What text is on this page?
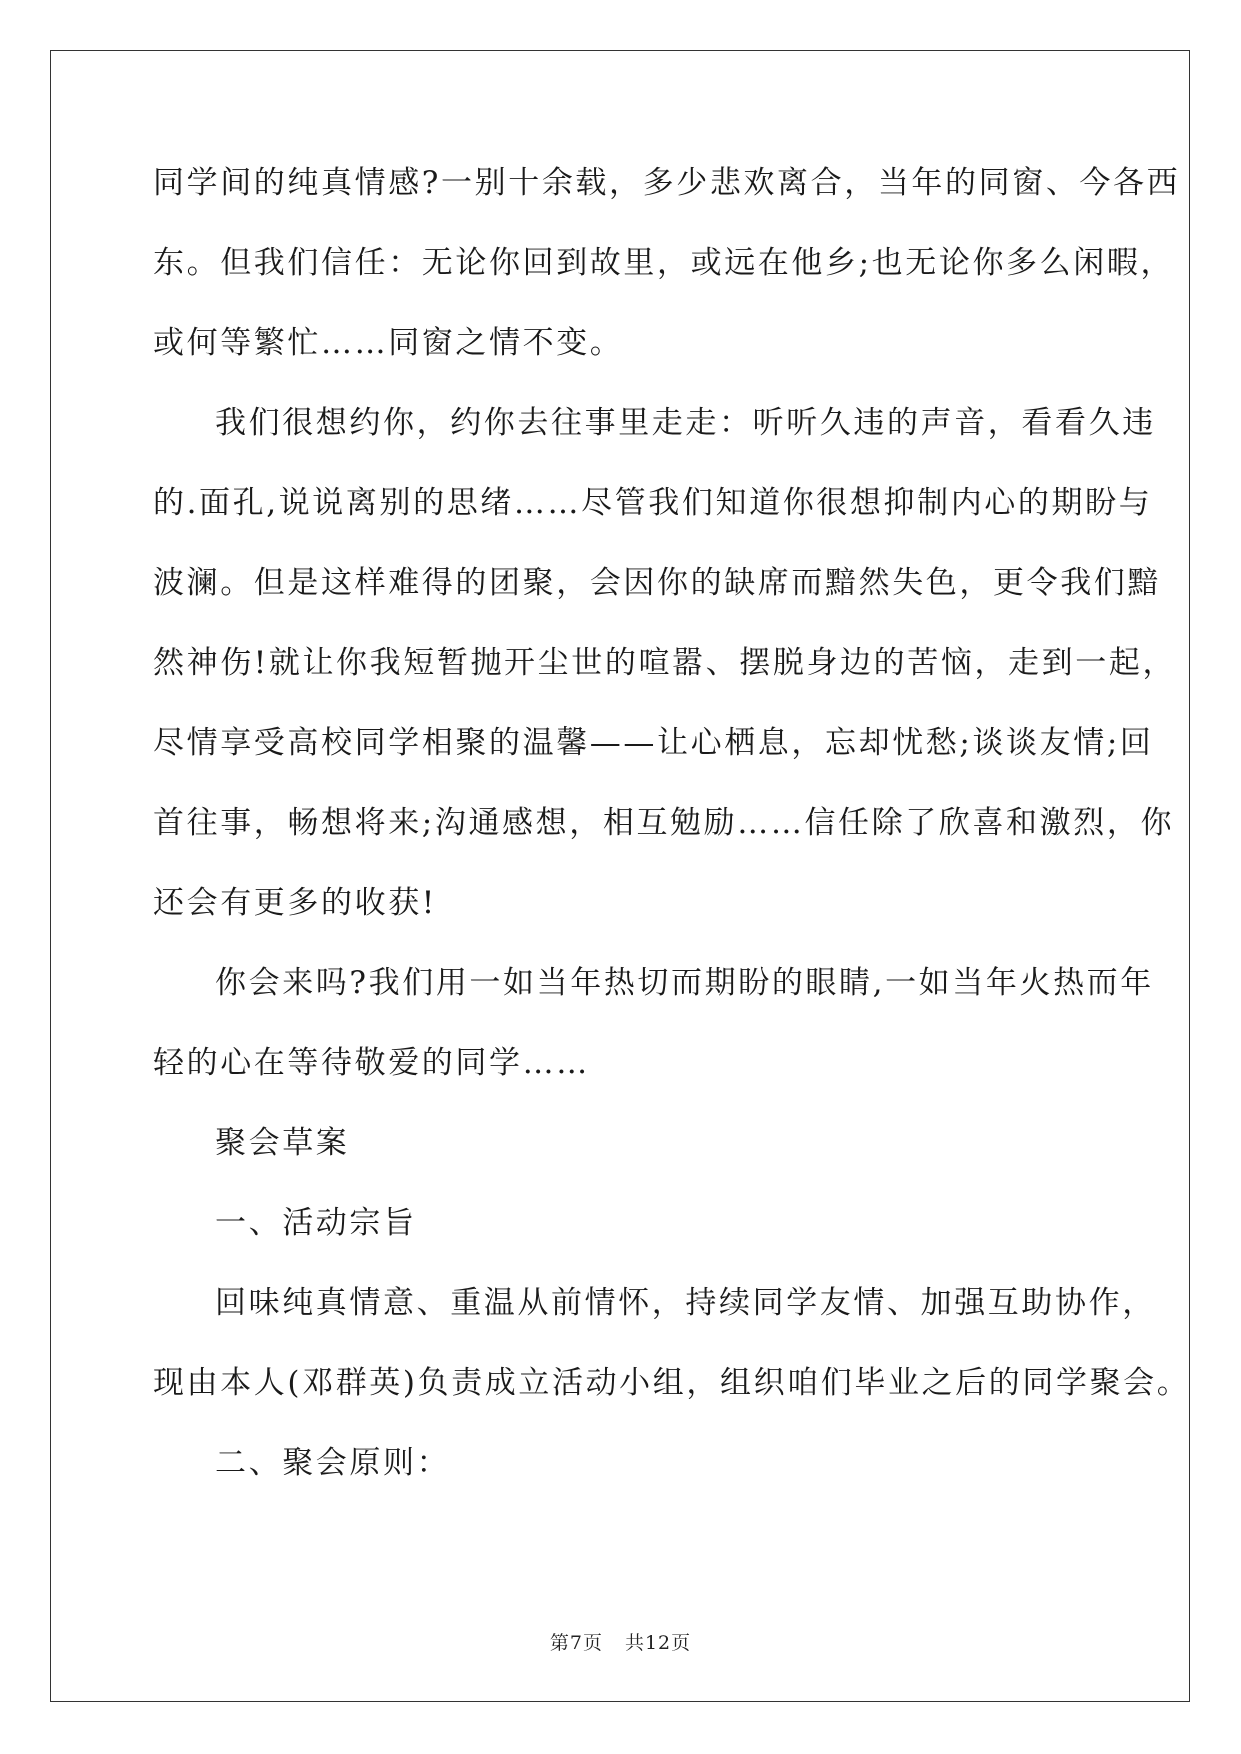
同学间的纯真情感?一别十余载，多少悲欢离合，当年的同窗、今各西
东。但我们信任：无论你回到故里，或远在他乡;也无论你多么闲暇，
或何等繁忙……同窗之情不变。
我们很想约你，约你去往事里走走：听听久违的声音，看看久违
的.面孔,说说离别的思绪……尽管我们知道你很想抑制内心的期盼与
波澜。但是这样难得的团聚，会因你的缺席而黯然失色，更令我们黯
然神伤!就让你我短暂抛开尘世的喧嚣、摆脱身边的苦恼，走到一起，
尽情享受高校同学相聚的温馨——让心栖息，忘却忧愁;谈谈友情;回
首往事，畅想将来;沟通感想，相互勉励……信任除了欣喜和激烈，你
还会有更多的收获!
你会来吗?我们用一如当年热切而期盼的眼睛,一如当年火热而年
轻的心在等待敬爱的同学……
聚会草案
一、活动宗旨
回味纯真情意、重温从前情怀，持续同学友情、加强互助协作，
现由本人(邓群英)负责成立活动小组，组织咱们毕业之后的同学聚会。
二、聚会原则：
第7页 共12页
